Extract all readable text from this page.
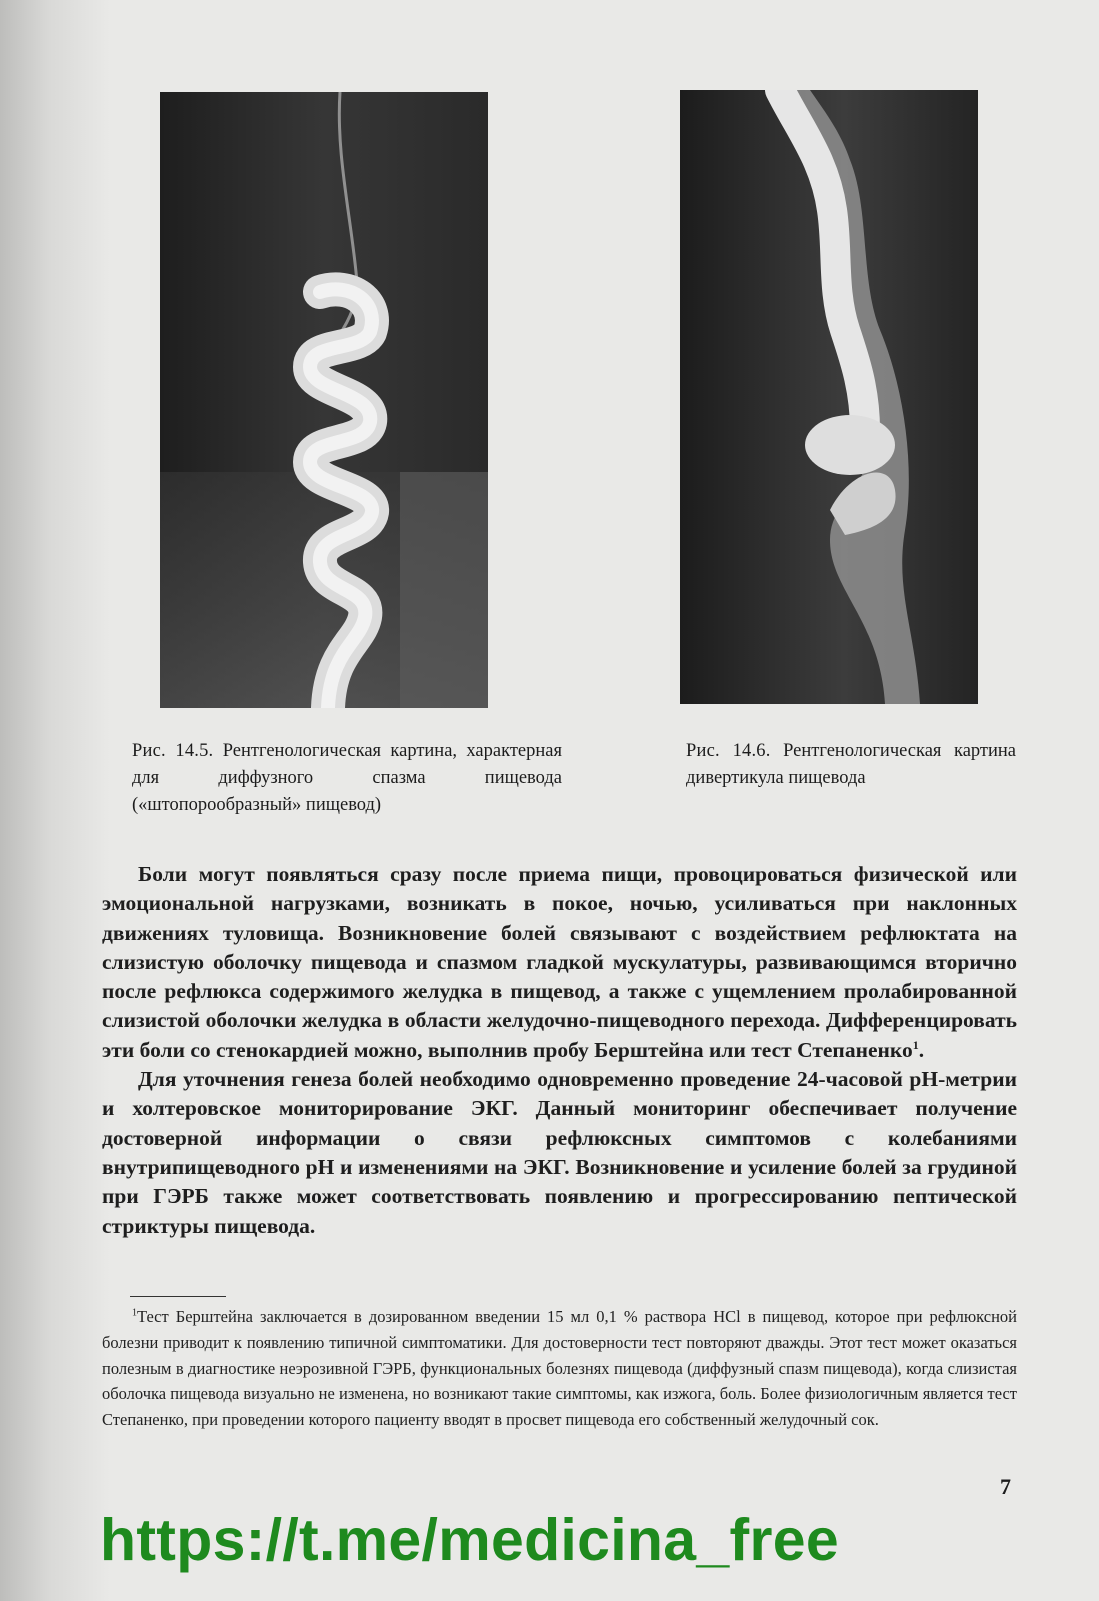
Рис. 14.5. Рентгенологическая картина, характерная для диффузного спазма пищевода («штопорообразный» пищевод)
Рис. 14.6. Рентгенологическая картина дивертикула пищевода

Боли могут появляться сразу после приема пищи, провоцироваться физической или эмоциональной нагрузками, возникать в покое, ночью, усиливаться при наклонных движениях туловища. Возникновение болей связывают с воздействием рефлюктата на слизистую оболочку пищевода и спазмом гладкой мускулатуры, развивающимся вторично после рефлюкса содержимого желудка в пищевод, а также с ущемлением пролабированной слизистой оболочки желудка в области желудочно-пищеводного перехода. Дифференцировать эти боли со стенокардией можно, выполнив пробу Берштейна или тест Степаненко$^1$.

Для уточнения генеза болей необходимо одновременно проведение 24-часовой pH-метрии и холтеровское мониторирование ЭКГ. Данный мониторинг обеспечивает получение достоверной информации о связи рефлюксных симптомов с колебаниями внутрипищеводного pH и изменениями на ЭКГ. Возникновение и усиление болей за грудиной при ГЭРБ также может соответствовать появлению и прогрессированию пептической стриктуры пищевода.

$^1$Тест Берштейна заключается в дозированном введении 15 мл 0,1 % раствора HCl в пищевод, которое при рефлюксной болезни приводит к появлению типичной симптоматики. Для достоверности тест повторяют дважды. Этот тест может оказаться полезным в диагностике неэрозивной ГЭРБ, функциональных болезнях пищевода (диффузный спазм пищевода), когда слизистая оболочка пищевода визуально не изменена, но возникают такие симптомы, как изжога, боль. Более физиологичным является тест Степаненко, при проведении которого пациенту вводят в просвет пищевода его собственный желудочный сок.

7
https://t.me/medicina_free
